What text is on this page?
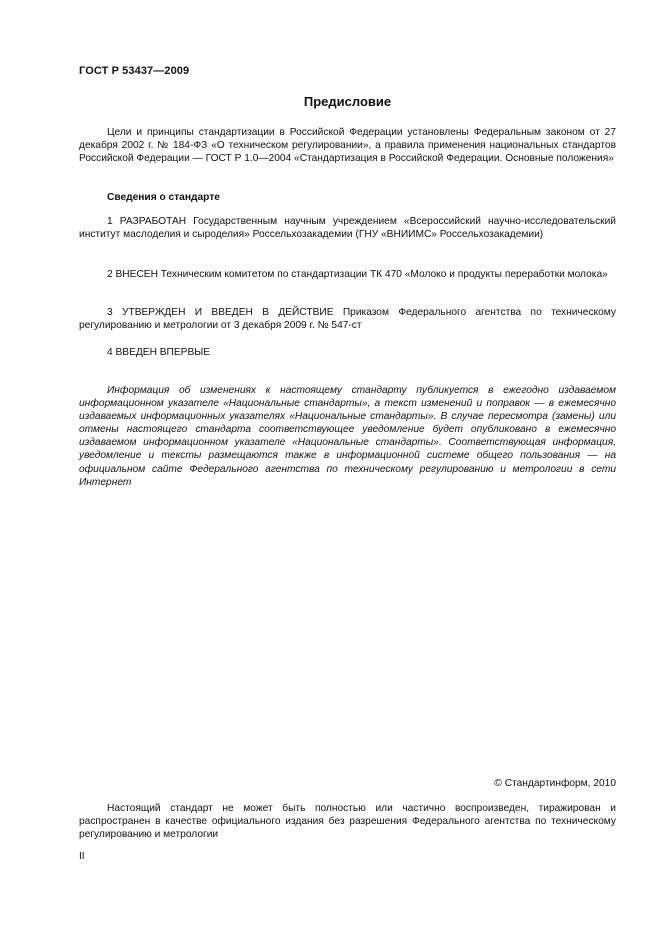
ГОСТ Р 53437—2009
Предисловие

Цели и принципы стандартизации в Российской Федерации установлены Федеральным законом от 27 декабря 2002 г. № 184-ФЗ «О техническом регулировании», а правила применения национальных стандартов Российской Федерации — ГОСТ Р 1.0—2004 «Стандартизация в Российской Федерации. Основные положения»

Сведения о стандарте

1 РАЗРАБОТАН Государственным научным учреждением «Всероссийский научно-исследовательский институт маслоделия и сыроделия» Россельхозакадемии (ГНУ «ВНИИМС» Россельхозакадемии)

2 ВНЕСЕН Техническим комитетом по стандартизации ТК 470 «Молоко и продукты переработки молока»

3 УТВЕРЖДЕН И ВВЕДЕН В ДЕЙСТВИЕ Приказом Федерального агентства по техническому регулированию и метрологии от 3 декабря 2009 г. № 547-ст

4 ВВЕДЕН ВПЕРВЫЕ

Информация об изменениях к настоящему стандарту публикуется в ежегодно издаваемом информационном указателе «Национальные стандарты», а текст изменений и поправок — в ежемесячно издаваемых информационных указателях «Национальные стандарты». В случае пересмотра (замены) или отмены настоящего стандарта соответствующее уведомление будет опубликовано в ежемесячно издаваемом информационном указателе «Национальные стандарты». Соответствующая информация, уведомление и тексты размещаются также в информационной системе общего пользования — на официальном сайте Федерального агентства по техническому регулированию и метрологии в сети Интернет

© Стандартинформ, 2010

Настоящий стандарт не может быть полностью или частично воспроизведен, тиражирован и распространен в качестве официального издания без разрешения Федерального агентства по техническому регулированию и метрологии

II
